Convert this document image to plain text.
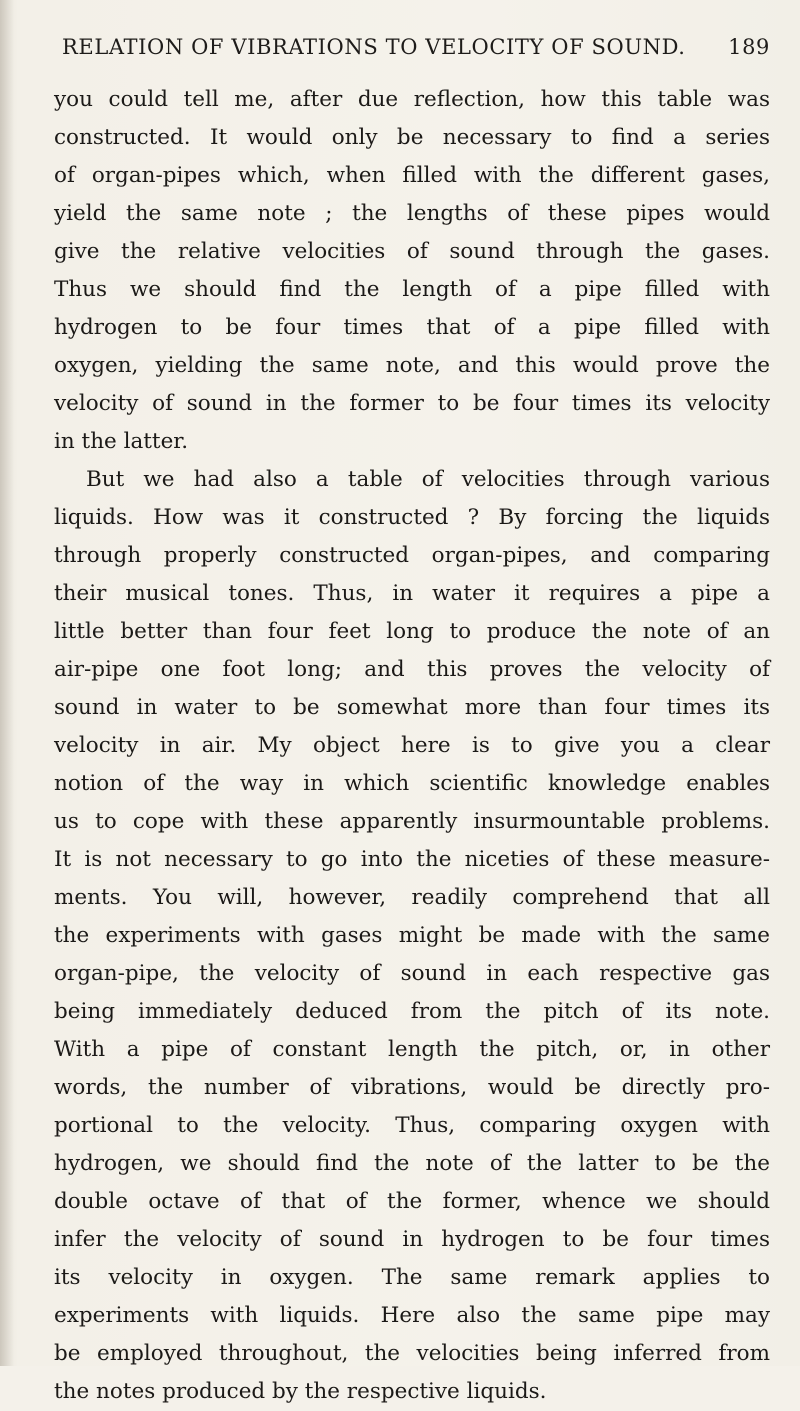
RELATION OF VIBRATIONS TO VELOCITY OF SOUND. 189
you could tell me, after due reflection, how this table was
constructed. It would only be necessary to find a series
of organ-pipes which, when filled with the different gases,
yield the same note ; the lengths of these pipes would
give the relative velocities of sound through the gases.
Thus we should find the length of a pipe filled with
hydrogen to be four times that of a pipe filled with
oxygen, yielding the same note, and this would prove the
velocity of sound in the former to be four times its velocity
in the latter.
But we had also a table of velocities through various
liquids. How was it constructed ? By forcing the liquids
through properly constructed organ-pipes, and comparing
their musical tones. Thus, in water it requires a pipe a
little better than four feet long to produce the note of an
air-pipe one foot long; and this proves the velocity of
sound in water to be somewhat more than four times its
velocity in air. My object here is to give you a clear
notion of the way in which scientific knowledge enables
us to cope with these apparently insurmountable problems.
It is not necessary to go into the niceties of these measure-
ments. You will, however, readily comprehend that all
the experiments with gases might be made with the same
organ-pipe, the velocity of sound in each respective gas
being immediately deduced from the pitch of its note.
With a pipe of constant length the pitch, or, in other
words, the number of vibrations, would be directly pro-
portional to the velocity. Thus, comparing oxygen with
hydrogen, we should find the note of the latter to be the
double octave of that of the former, whence we should
infer the velocity of sound in hydrogen to be four times
its velocity in oxygen. The same remark applies to
experiments with liquids. Here also the same pipe may
be employed throughout, the velocities being inferred from
the notes produced by the respective liquids.
